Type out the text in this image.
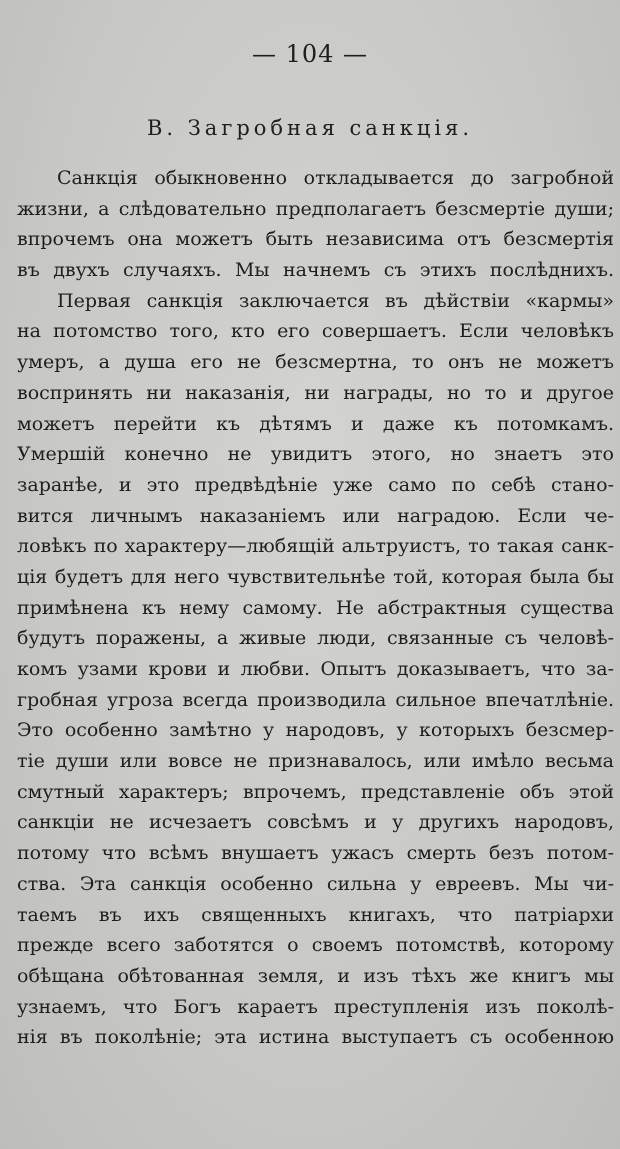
— 104 —
В. Загробная санкція.
Санкція обыкновенно откладывается до загробной
жизни, а слѣдовательно предполагаетъ безсмертіе души;
впрочемъ она можетъ быть независима отъ безсмертія
въ двухъ случаяхъ. Мы начнемъ съ этихъ послѣднихъ.
Первая санкція заключается въ дѣйствіи «кармы»
на потомство того, кто его совершаетъ. Если человѣкъ
умеръ, а душа его не безсмертна, то онъ не можетъ
воспринять ни наказанія, ни награды, но то и другое
можетъ перейти къ дѣтямъ и даже къ потомкамъ.
Умершій конечно не увидитъ этого, но знаетъ это
заранѣе, и это предвѣдѣніе уже само по себѣ стано-
вится личнымъ наказаніемъ или наградою. Если че-
ловѣкъ по характеру—любящій альтруистъ, то такая санк-
ція будетъ для него чувствительнѣе той, которая была бы
примѣнена къ нему самому. Не абстрактныя существа
будутъ поражены, а живые люди, связанные съ человѣ-
комъ узами крови и любви. Опытъ доказываетъ, что за-
гробная угроза всегда производила сильное впечатлѣніе.
Это особенно замѣтно у народовъ, у которыхъ безсмер-
тіе души или вовсе не признавалось, или имѣло весьма
смутный характеръ; впрочемъ, представленіе объ этой
санкціи не исчезаетъ совсѣмъ и у другихъ народовъ,
потому что всѣмъ внушаетъ ужасъ смерть безъ потом-
ства. Эта санкція особенно сильна у евреевъ. Мы чи-
таемъ въ ихъ священныхъ книгахъ, что патріархи
прежде всего заботятся о своемъ потомствѣ, которому
обѣщана обѣтованная земля, и изъ тѣхъ же книгъ мы
узнаемъ, что Богъ караетъ преступленія изъ поколѣ-
нія въ поколѣніе; эта истина выступаетъ съ особенною
